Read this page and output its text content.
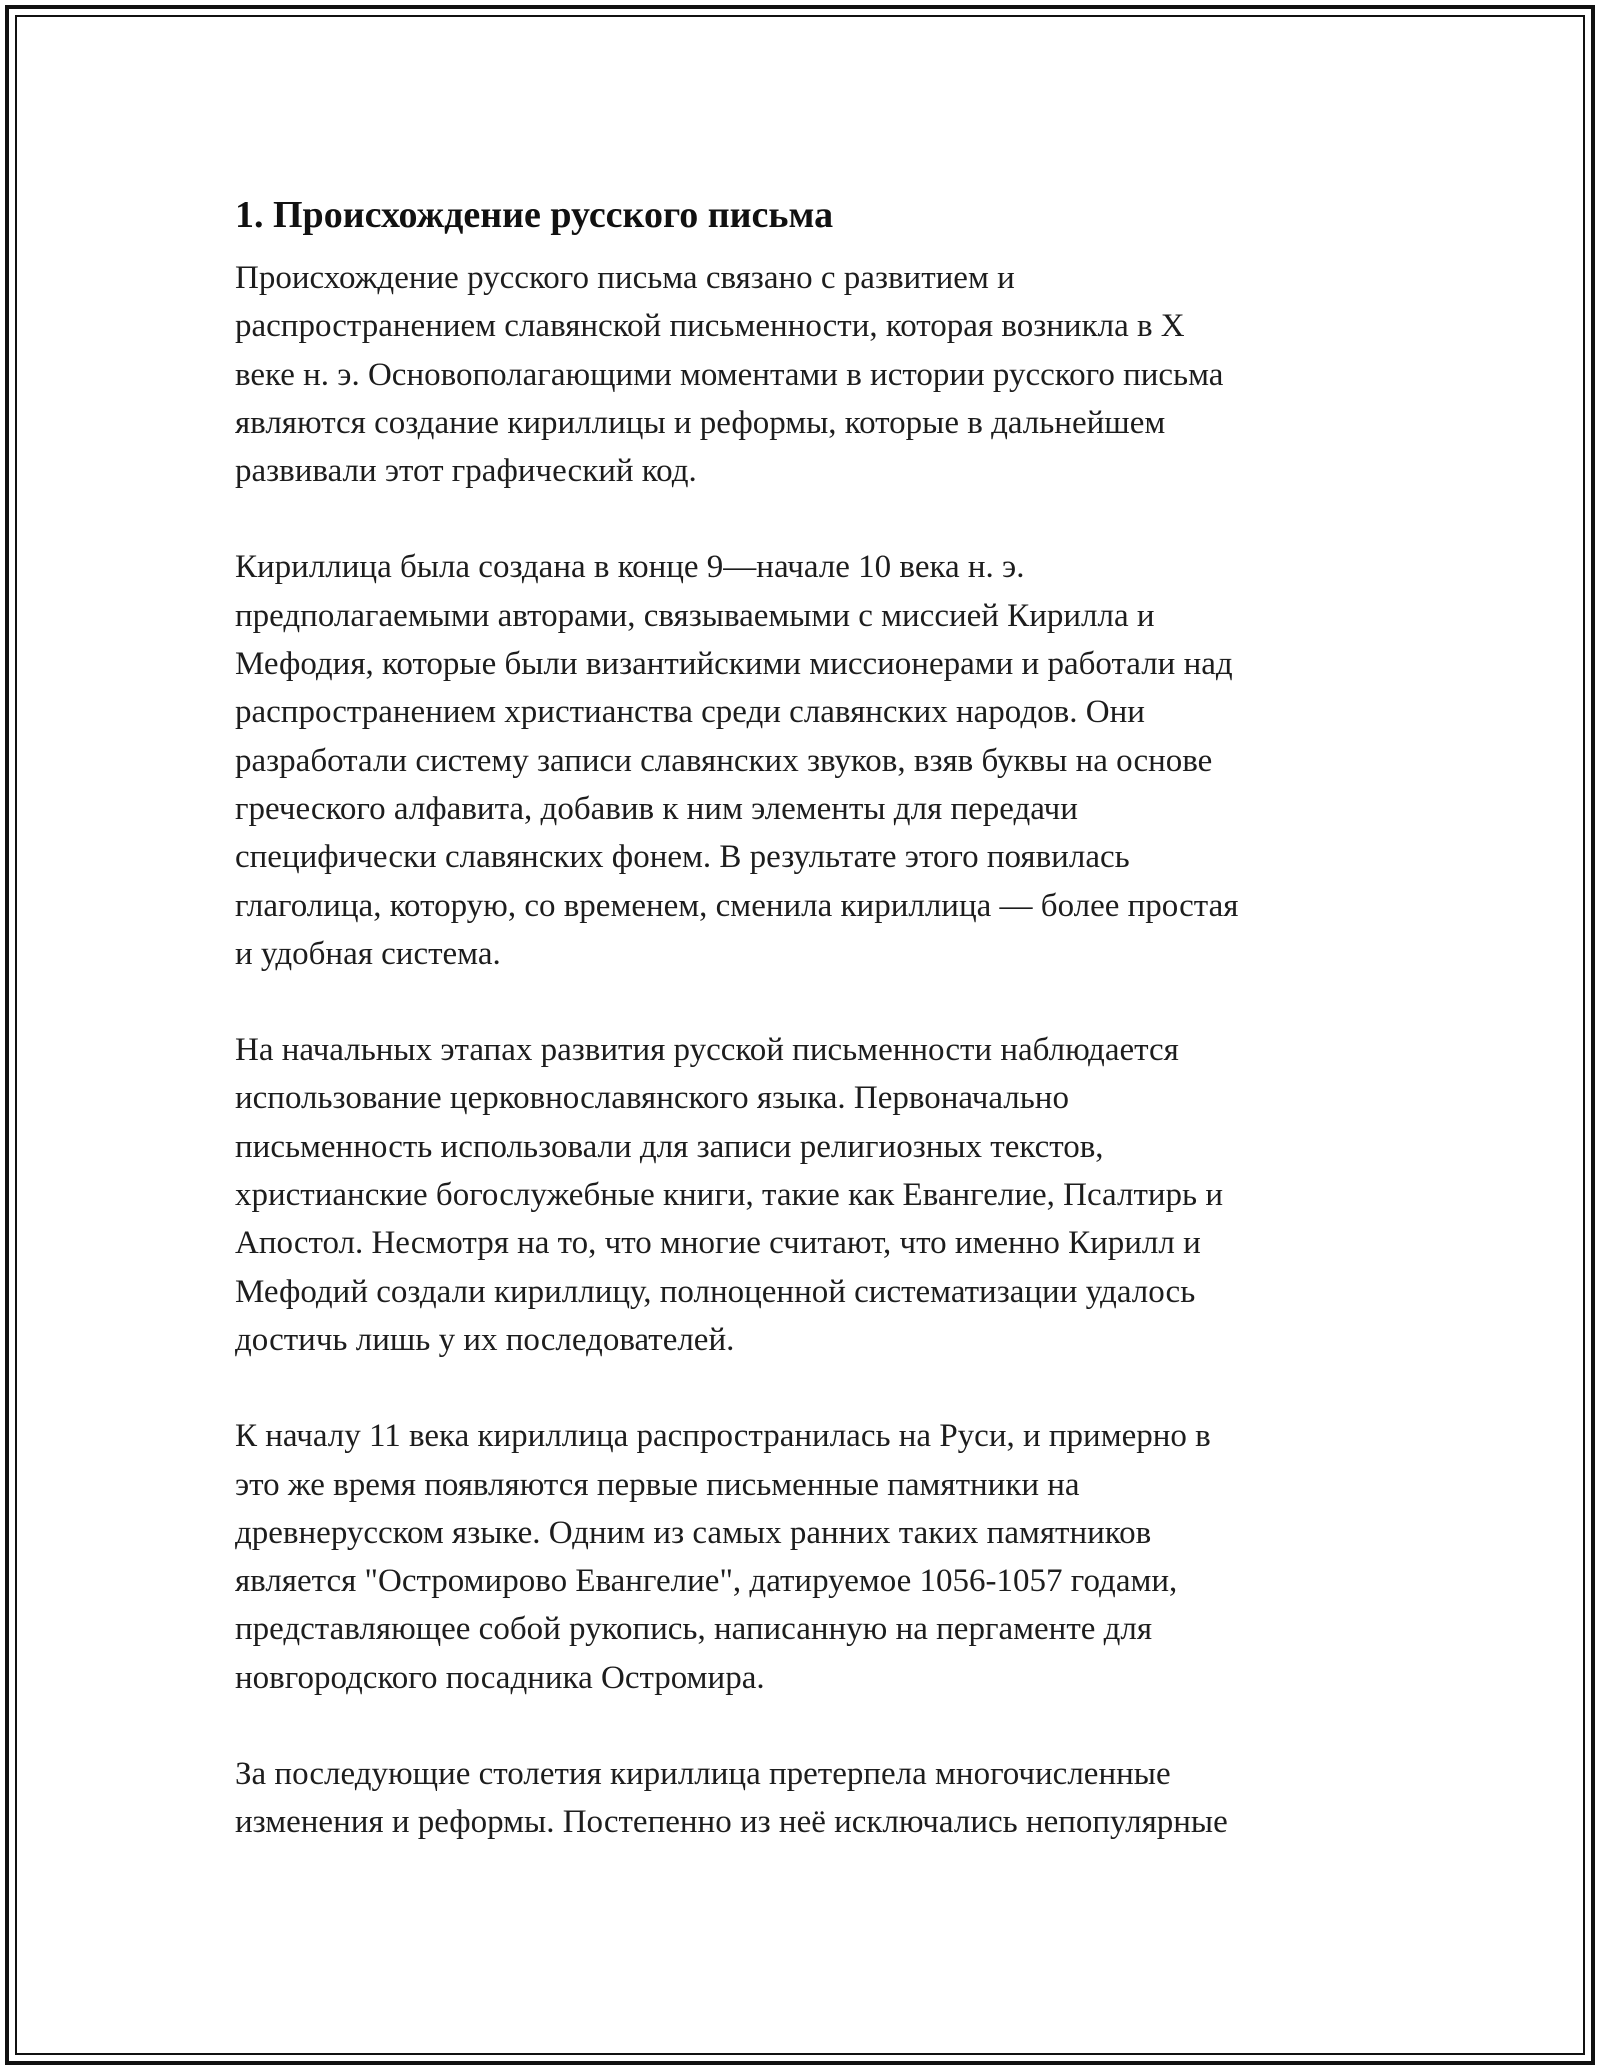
1. Происхождение русского письма

Происхождение русского письма связано с развитием и
распространением славянской письменности, которая возникла в X
веке н. э. Основополагающими моментами в истории русского письма
являются создание кириллицы и реформы, которые в дальнейшем
развивали этот графический код.

Кириллица была создана в конце 9—начале 10 века н. э.
предполагаемыми авторами, связываемыми с миссией Кирилла и
Мефодия, которые были византийскими миссионерами и работали над
распространением христианства среди славянских народов. Они
разработали систему записи славянских звуков, взяв буквы на основе
греческого алфавита, добавив к ним элементы для передачи
специфически славянских фонем. В результате этого появилась
глаголица, которую, со временем, сменила кириллица — более простая
и удобная система.

На начальных этапах развития русской письменности наблюдается
использование церковнославянского языка. Первоначально
письменность использовали для записи религиозных текстов,
христианские богослужебные книги, такие как Евангелие, Псалтирь и
Апостол. Несмотря на то, что многие считают, что именно Кирилл и
Мефодий создали кириллицу, полноценной систематизации удалось
достичь лишь у их последователей.

К началу 11 века кириллица распространилась на Руси, и примерно в
это же время появляются первые письменные памятники на
древнерусском языке. Одним из самых ранних таких памятников
является "Остромирово Евангелие", датируемое 1056-1057 годами,
представляющее собой рукопись, написанную на пергаменте для
новгородского посадника Остромира.

За последующие столетия кириллица претерпела многочисленные
изменения и реформы. Постепенно из неё исключались непопулярные
